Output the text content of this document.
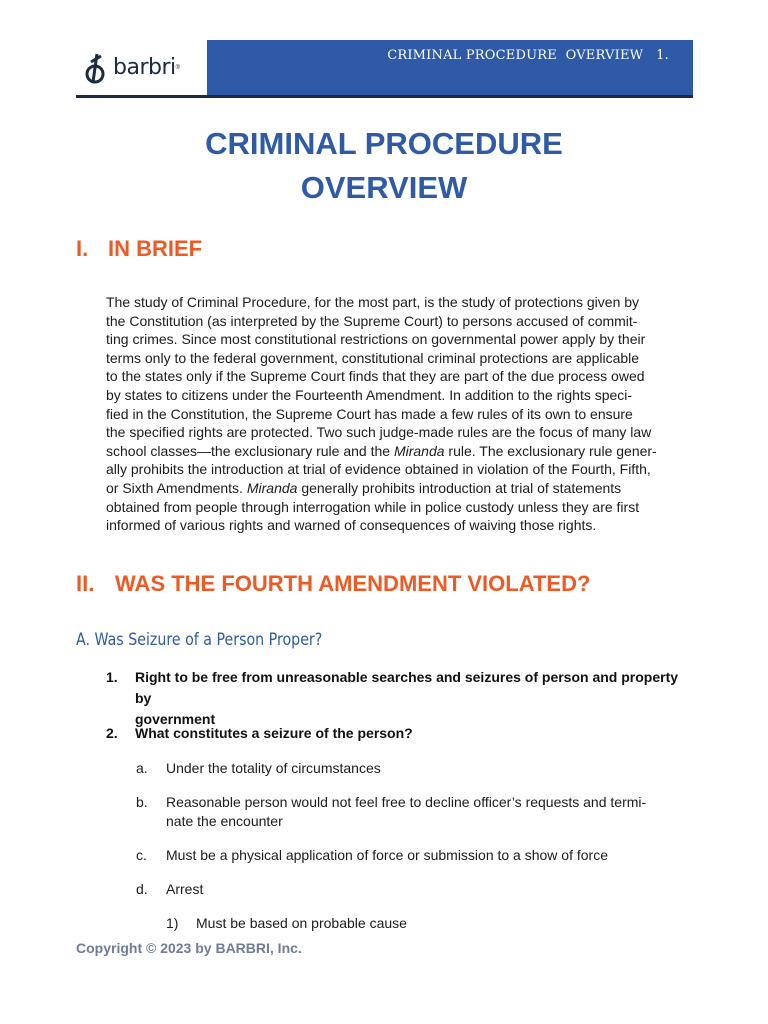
barbri ®
CRIMINAL PROCEDURE  OVERVIEW   1.
CRIMINAL PROCEDURE
OVERVIEW
I. IN BRIEF
The study of Criminal Procedure, for the most part, is the study of protections given by
the Constitution (as interpreted by the Supreme Court) to persons accused of commit-
ting crimes. Since most constitutional restrictions on governmental power apply by their
terms only to the federal government, constitutional criminal protections are applicable
to the states only if the Supreme Court finds that they are part of the due process owed
by states to citizens under the Fourteenth Amendment. In addition to the rights speci-
fied in the Constitution, the Supreme Court has made a few rules of its own to ensure
the specified rights are protected. Two such judge-made rules are the focus of many law
school classes—the exclusionary rule and the Miranda rule. The exclusionary rule gener-
ally prohibits the introduction at trial of evidence obtained in violation of the Fourth, Fifth,
or Sixth Amendments. Miranda generally prohibits introduction at trial of statements
obtained from people through interrogation while in police custody unless they are first
informed of various rights and warned of consequences of waiving those rights.
II. WAS THE FOURTH AMENDMENT VIOLATED?
A. Was Seizure of a Person Proper?
1. Right to be free from unreasonable searches and seizures of person and property by
government
2. What constitutes a seizure of the person?
a. Under the totality of circumstances
b. Reasonable person would not feel free to decline officer’s requests and termi-
nate the encounter
c. Must be a physical application of force or submission to a show of force
d. Arrest
1) Must be based on probable cause
Copyright © 2023 by BARBRI, Inc.
